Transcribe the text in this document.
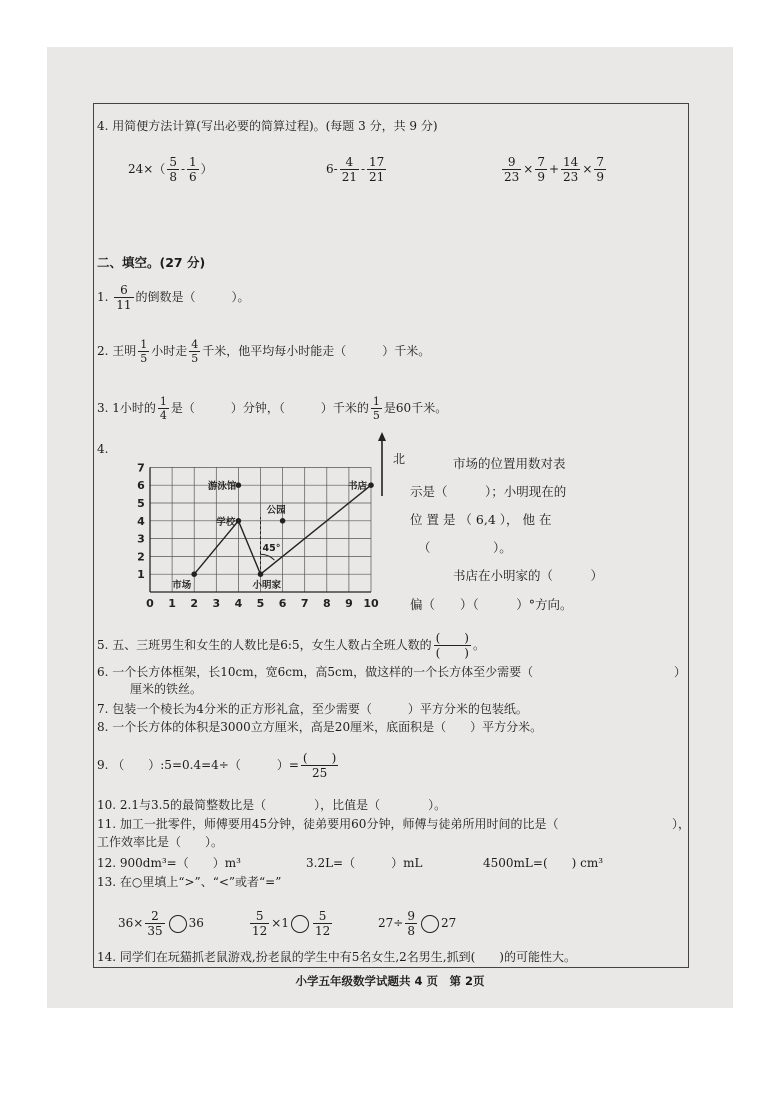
4. 用简便方法计算(写出必要的简算过程)。(每题 3 分，共 9 分)
$24\times( \frac{5}{8} - \frac{1}{6}$ ）	$6- \frac{4}{21} - \frac{17}{21}$	$\frac{9}{23} \times \frac{7}{9} + \frac{14}{23} \times \frac{7}{9}$
二、填空。(27 分)
1. $\frac{6}{11}$ 的倒数是（　　　）。
2. 王明 $\frac{1}{5}$ 小时走 $\frac{4}{5}$ 千米，他平均每小时能走（　　　）千米。
3. 1小时的 $\frac{1}{4}$ 是（　　　）分钟，（　　　）千米的 $\frac{1}{5}$ 是60千米。
4.
0 1 2 3 4 5 6 7 8 9 10
1
2
3
4
5
6
7
游泳馆	书店
学校
公园
市场	小明家
45°
北	市场的位置用数对表
示是（　　　）；小明现在的
位 置 是 （ 6,4 ）， 他 在
（　　　　　）。
书店在小明家的（　　　）
偏（　　）（　　　）°方向。
5. 五、三班男生和女生的人数比是6:5，女生人数占全班人数的 $\frac{( )}{( )}$ 。
6. 一个长方体框架，长10cm，宽6cm，高5cm，做这样的一个长方体至少需要（	）
厘米的铁丝。
7. 包装一个棱长为4分米的正方形礼盒，至少需要（　　　）平方分米的包装纸。
8. 一个长方体的体积是3000立方厘米，高是20厘米，底面积是（　　）平方分米。
9. （　　）:5=0.4=4÷（　　　）= $\frac{( )}{25}$
10. 2.1与3.5的最简整数比是（　　　　），比值是（　　　　）。
11. 加工一批零件，师傅要用45分钟，徒弟要用60分钟，师傅与徒弟所用时间的比是（	），
工作效率比是（　　）。
12. 900dm³=（　　）m³	3.2L=（　　　）mL	4500mL=(　　) cm³
13. 在○里填上“>”、“<”或者“=”
$36\times \frac{2}{35} 36$	$\frac{5}{12} \times 1 \frac{5}{12}$	$27\div \frac{9}{8} 27$
14. 同学们在玩猫抓老鼠游戏,扮老鼠的学生中有5名女生,2名男生,抓到(　　)的可能性大。
小学五年级数学试题共 4 页　第 2页
